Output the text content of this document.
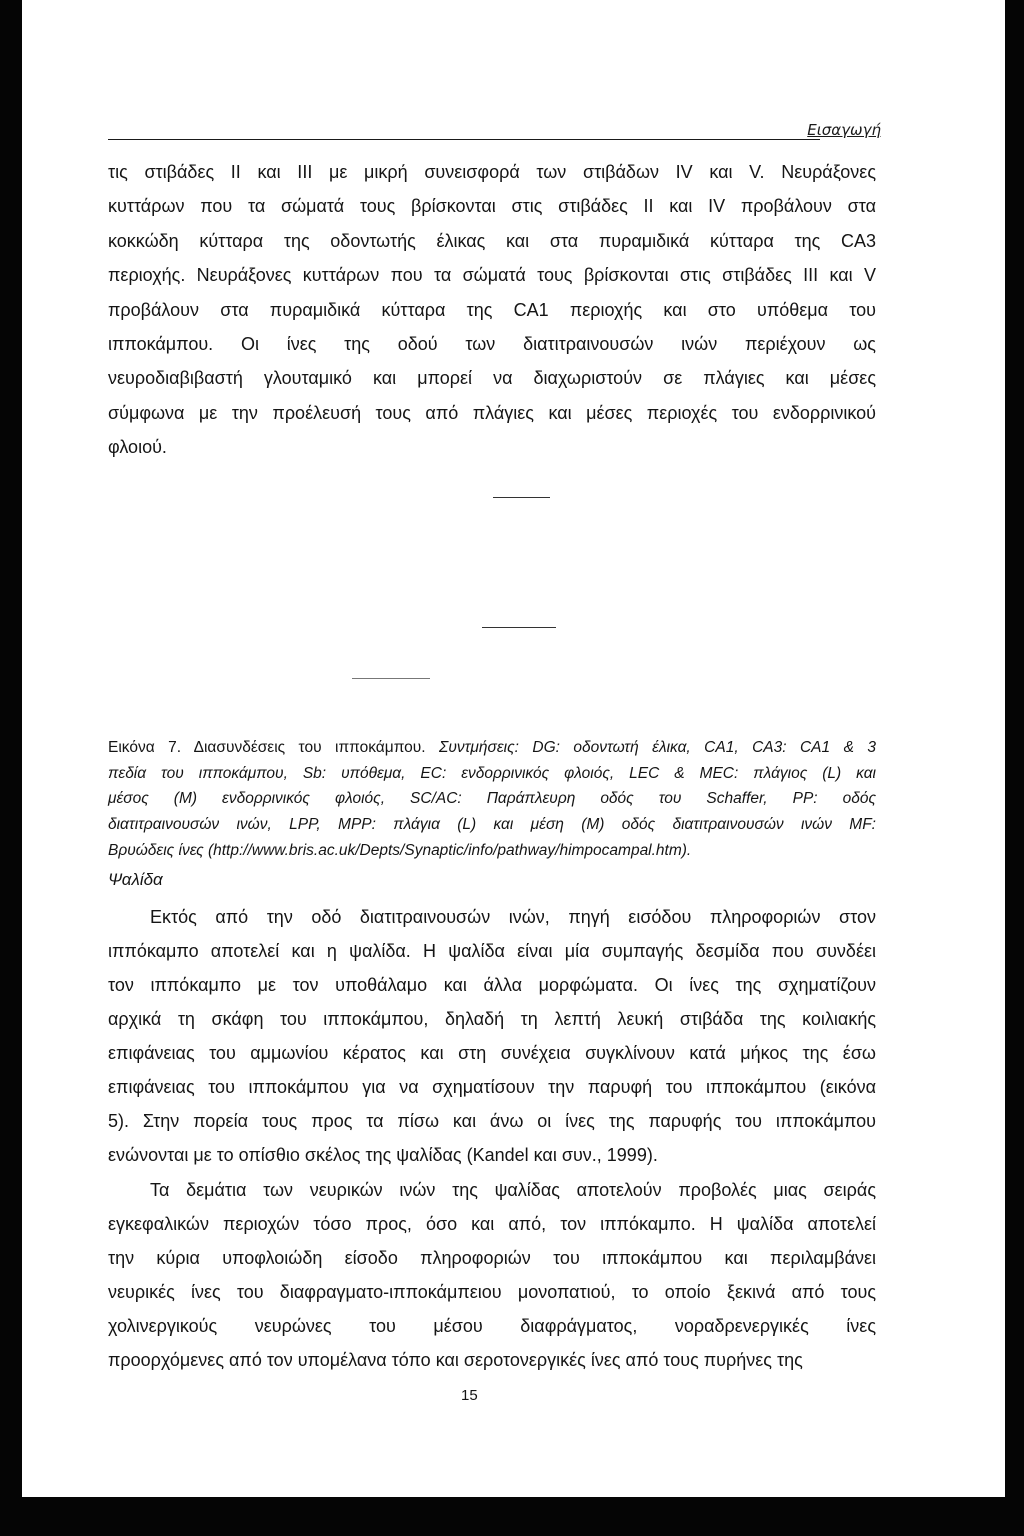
Εισαγωγή
τις στιβάδες ΙΙ και ΙΙΙ με μικρή συνεισφορά των στιβάδων IV και V. Νευράξονες
κυττάρων που τα σώματά τους βρίσκονται στις στιβάδες ΙΙ και IV προβάλουν στα
κοκκώδη κύτταρα της οδοντωτής έλικας και στα πυραμιδικά κύτταρα της CA3
περιοχής. Νευράξονες κυττάρων που τα σώματά τους βρίσκονται στις στιβάδες ΙΙΙ και V
προβάλουν στα πυραμιδικά κύτταρα της CA1 περιοχής και στο υπόθεμα του
ιπποκάμπου. Οι ίνες της οδού των διατιτραινουσών ινών περιέχουν ως
νευροδιαβιβαστή γλουταμικό και μπορεί να διαχωριστούν σε πλάγιες και μέσες
σύμφωνα με την προέλευσή τους από πλάγιες και μέσες περιοχές του ενδορρινικού
φλοιού.
Εικόνα 7. Διασυνδέσεις του ιπποκάμπου. Συντμήσεις: DG: οδοντωτή έλικα, CA1, CA3: CA1 & 3
πεδία του ιπποκάμπου, Sb: υπόθεμα, EC: ενδορρινικός φλοιός, LEC & MEC: πλάγιος (L) και
μέσος (M) ενδορρινικός φλοιός, SC/AC: Παράπλευρη οδός του Schaffer, PP: οδός
διατιτραινουσών ινών, LPP, MPP: πλάγια (L) και μέση (M) οδός διατιτραινουσών ινών MF:
Βρυώδεις ίνες (http://www.bris.ac.uk/Depts/Synaptic/info/pathway/himpocampal.htm).
Ψαλίδα
Εκτός από την οδό διατιτραινουσών ινών, πηγή εισόδου πληροφοριών στον
ιππόκαμπο αποτελεί και η ψαλίδα. Η ψαλίδα είναι μία συμπαγής δεσμίδα που συνδέει
τον ιππόκαμπο με τον υποθάλαμο και άλλα μορφώματα. Οι ίνες της σχηματίζουν
αρχικά τη σκάφη του ιπποκάμπου, δηλαδή τη λεπτή λευκή στιβάδα της κοιλιακής
επιφάνειας του αμμωνίου κέρατος και στη συνέχεια συγκλίνουν κατά μήκος της έσω
επιφάνειας του ιπποκάμπου για να σχηματίσουν την παρυφή του ιπποκάμπου (εικόνα
5). Στην πορεία τους προς τα πίσω και άνω οι ίνες της παρυφής του ιπποκάμπου
ενώνονται με το οπίσθιο σκέλος της ψαλίδας (Kandel και συν., 1999).
Τα δεμάτια των νευρικών ινών της ψαλίδας αποτελούν προβολές μιας σειράς
εγκεφαλικών περιοχών τόσο προς, όσο και από, τον ιππόκαμπο. Η ψαλίδα αποτελεί
την κύρια υποφλοιώδη είσοδο πληροφοριών του ιπποκάμπου και περιλαμβάνει
νευρικές ίνες του διαφραγματο-ιπποκάμπειου μονοπατιού, το οποίο ξεκινά από τους
χολινεργικούς νευρώνες του μέσου διαφράγματος, νοραδρενεργικές ίνες
προορχόμενες από τον υπομέλανα τόπο και σεροτονεργικές ίνες από τους πυρήνες της
15
